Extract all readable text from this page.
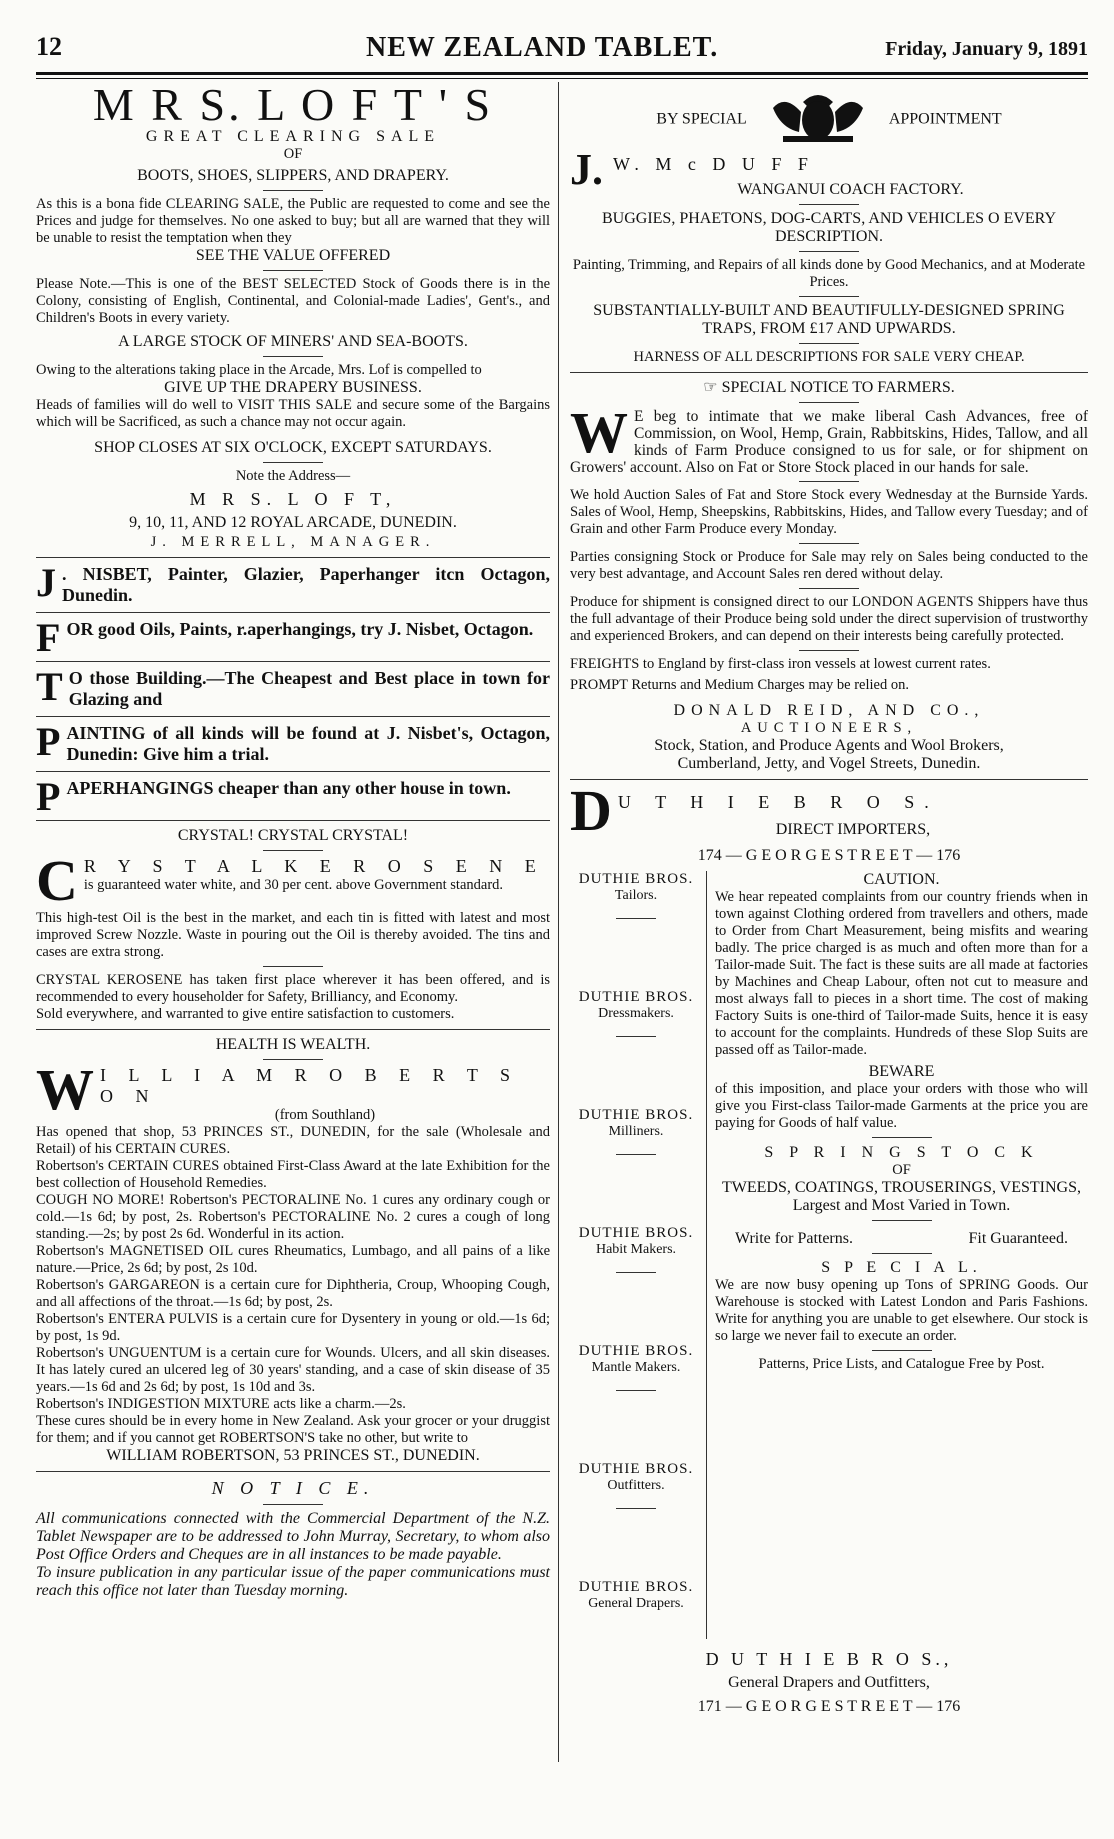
12	NEW ZEALAND TABLET.	Friday, January 9, 1891

M R S. L O F T ' S

GREAT CLEARING SALE

OF

BOOTS, SHOES, SLIPPERS, AND DRAPERY.

As this is a bona fide CLEARING SALE, the Public are requested to come and see the Prices and judge for themselves. No one asked to buy; but all are warned that they will be unable to resist the temptation when they

SEE THE VALUE OFFERED

Please Note.—This is one of the BEST SELECTED Stock of Goods there is in the Colony, consisting of English, Continental, and Colonial-made Ladies', Gent's., and Children's Boots in every variety.

A LARGE STOCK OF MINERS' AND SEA-BOOTS.

Owing to the alterations taking place in the Arcade, Mrs. Lof is compelled to

GIVE UP THE DRAPERY BUSINESS.

Heads of families will do well to VISIT THIS SALE and secure some of the Bargains which will be Sacrificed, as such a chance may not occur again.

SHOP CLOSES AT SIX O'CLOCK, EXCEPT SATURDAYS.

Note the Address—

M R S. L O F T,

9, 10, 11, AND 12 ROYAL ARCADE, DUNEDIN.

J. MERRELL, MANAGER.

J . NISBET, Painter, Glazier, Paperhanger itcn Octagon, Dunedin.

F OR good Oils, Paints, r.aperhangings, try J. Nisbet, Octagon.

T O those Building.—The Cheapest and Best place in town for Glazing and

P AINTING of all kinds will be found at J. Nisbet's, Octagon, Dunedin: Give him a trial.

P APERHANGINGS cheaper than any other house in town.

CRYSTAL! CRYSTAL CRYSTAL!

C R Y S T A L K E R O S E N E

is guaranteed water white, and 30 per cent. above Government standard.

This high-test Oil is the best in the market, and each tin is fitted with latest and most improved Screw Nozzle. Waste in pouring out the Oil is thereby avoided. The tins and cases are extra strong.

CRYSTAL KEROSENE has taken first place wherever it has been offered, and is recommended to every householder for Safety, Brilliancy, and Economy.

Sold everywhere, and warranted to give entire satisfaction to customers.

HEALTH IS WEALTH.

W I L L I A M R O B E R T S O N

(from Southland)

Has opened that shop, 53 PRINCES ST., DUNEDIN, for the sale (Wholesale and Retail) of his CERTAIN CURES.

Robertson's CERTAIN CURES obtained First-Class Award at the late Exhibition for the best collection of Household Remedies.

COUGH NO MORE! Robertson's PECTORALINE No. 1 cures any ordinary cough or cold.—1s 6d; by post, 2s. Robertson's PECTORALINE No. 2 cures a cough of long standing.—2s; by post 2s 6d. Wonderful in its action.

Robertson's MAGNETISED OIL cures Rheumatics, Lumbago, and all pains of a like nature.—Price, 2s 6d; by post, 2s 10d.

Robertson's GARGAREON is a certain cure for Diphtheria, Croup, Whooping Cough, and all affections of the throat.—1s 6d; by post, 2s.

Robertson's ENTERA PULVIS is a certain cure for Dysentery in young or old.—1s 6d; by post, 1s 9d.

Robertson's UNGUENTUM is a certain cure for Wounds. Ulcers, and all skin diseases. It has lately cured an ulcered leg of 30 years' standing, and a case of skin disease of 35 years.—1s 6d and 2s 6d; by post, 1s 10d and 3s.

Robertson's INDIGESTION MIXTURE acts like a charm.—2s.

These cures should be in every home in New Zealand. Ask your grocer or your druggist for them; and if you cannot get ROBERTSON'S take no other, but write to

WILLIAM ROBERTSON, 53 PRINCES ST., DUNEDIN.

N O T I C E.

All communications connected with the Commercial Department of the N.Z. Tablet Newspaper are to be addressed to John Murray, Secretary, to whom also Post Office Orders and Cheques are in all instances to be made payable.

To insure publication in any particular issue of the paper communications must reach this office not later than Tuesday morning.

BY SPECIAL	APPOINTMENT
J. W. M c D U F F

WANGANUI COACH FACTORY.

BUGGIES, PHAETONS, DOG-CARTS, AND VEHICLES O EVERY DESCRIPTION.

Painting, Trimming, and Repairs of all kinds done by Good Mechanics, and at Moderate Prices.

SUBSTANTIALLY-BUILT AND BEAUTIFULLY-DESIGNED SPRING TRAPS, FROM £17 AND UPWARDS.

HARNESS OF ALL DESCRIPTIONS FOR SALE VERY CHEAP.

☞ SPECIAL NOTICE TO FARMERS.

W E beg to intimate that we make liberal Cash Advances, free of Commission, on Wool, Hemp, Grain, Rabbitskins, Hides, Tallow, and all kinds of Farm Produce consigned to us for sale, or for shipment on Growers' account. Also on Fat or Store Stock placed in our hands for sale.

We hold Auction Sales of Fat and Store Stock every Wednesday at the Burnside Yards. Sales of Wool, Hemp, Sheepskins, Rabbitskins, Hides, and Tallow every Tuesday; and of Grain and other Farm Produce every Monday.

Parties consigning Stock or Produce for Sale may rely on Sales being conducted to the very best advantage, and Account Sales ren dered without delay.

Produce for shipment is consigned direct to our LONDON AGENTS Shippers have thus the full advantage of their Produce being sold under the direct supervision of trustworthy and experienced Brokers, and can depend on their interests being carefully protected.

FREIGHTS to England by first-class iron vessels at lowest current rates.

PROMPT Returns and Medium Charges may be relied on.

DONALD REID, AND CO.,

AUCTIONEERS,

Stock, Station, and Produce Agents and Wool Brokers,

Cumberland, Jetty, and Vogel Streets, Dunedin.

D U T H I E B R O S.

DIRECT IMPORTERS,

174 — G E O R G E S T R E E T — 176

DUTHIE BROS.
Tailors.
DUTHIE BROS.
Dressmakers.
DUTHIE BROS.
Milliners.
DUTHIE BROS.
Habit Makers.
DUTHIE BROS.
Mantle Makers.
DUTHIE BROS.
Outfitters.
DUTHIE BROS.
General Drapers.

CAUTION.

We hear repeated complaints from our country friends when in town against Clothing ordered from travellers and others, made to Order from Chart Measurement, being misfits and wearing badly. The price charged is as much and often more than for a Tailor-made Suit. The fact is these suits are all made at factories by Machines and Cheap Labour, often not cut to measure and most always fall to pieces in a short time. The cost of making Factory Suits is one-third of Tailor-made Suits, hence it is easy to account for the complaints. Hundreds of these Slop Suits are passed off as Tailor-made.

BEWARE

of this imposition, and place your orders with those who will give you First-class Tailor-made Garments at the price you are paying for Goods of half value.

S P R I N G S T O C K

OF

TWEEDS, COATINGS, TROUSERINGS, VESTINGS,

Largest and Most Varied in Town.

Write for Patterns.	Fit Guaranteed.

S P E C I A L.

We are now busy opening up Tons of SPRING Goods. Our Warehouse is stocked with Latest London and Paris Fashions. Write for anything you are unable to get elsewhere. Our stock is so large we never fail to execute an order.

Patterns, Price Lists, and Catalogue Free by Post.

D U T H I E B R O S.,

General Drapers and Outfitters,

171 — G E O R G E S T R E E T — 176
